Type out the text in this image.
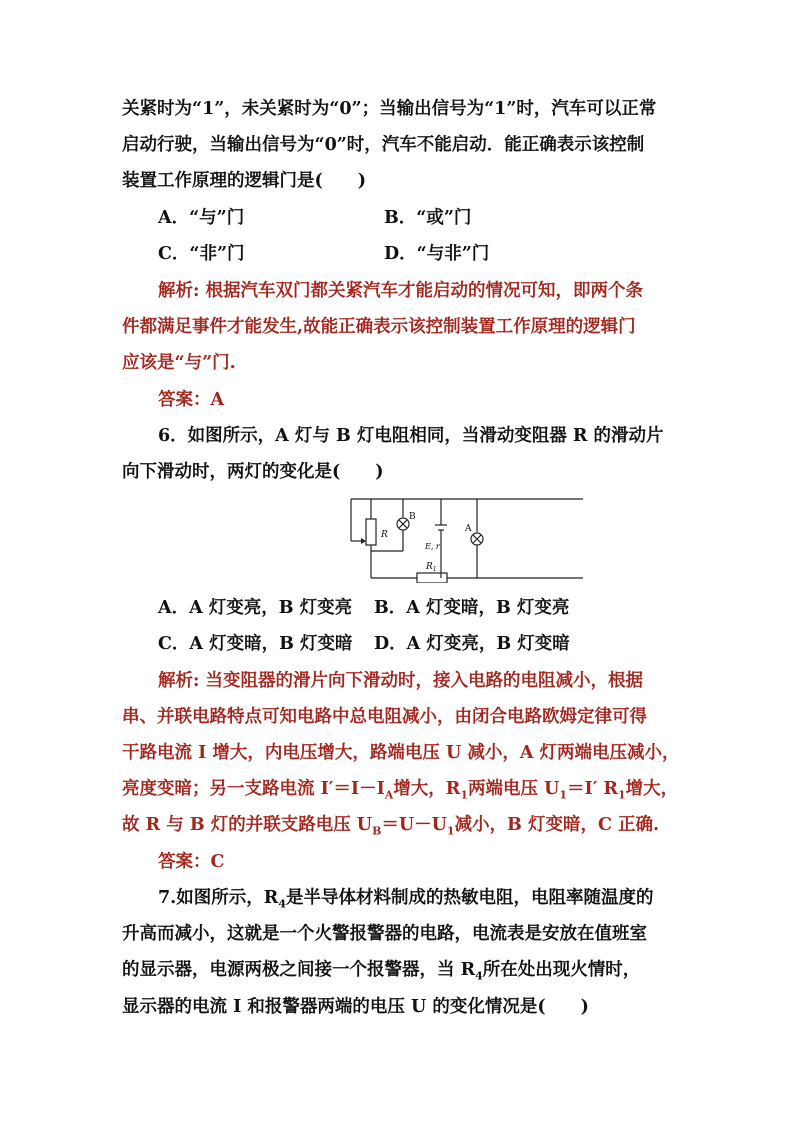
关紧时为“1”，未关紧时为“0”；当输出信号为“1”时，汽车可以正常
启动行驶，当输出信号为“0”时，汽车不能启动．能正确表示该控制
装置工作原理的逻辑门是(　　)
A．“与”门	B．“或”门
C．“非”门	D．“与非”门
解析: 根据汽车双门都关紧汽车才能启动的情况可知，即两个条
件都满足事件才能发生,故能正确表示该控制装置工作原理的逻辑门
应该是“与”门.
答案：A
6．如图所示，A 灯与 B 灯电阻相同，当滑动变阻器 R 的滑动片
向下滑动时，两灯的变化是(　　)
R
B
A
E, r
$R_1$
A．A 灯变亮，B 灯变亮 B．A 灯变暗，B 灯变亮
C．A 灯变暗，B 灯变暗 D．A 灯变亮，B 灯变暗
解析: 当变阻器的滑片向下滑动时，接入电路的电阻减小，根据
串、并联电路特点可知电路中总电阻减小，由闭合电路欧姆定律可得
干路电流 I 增大，内电压增大，路端电压 U 减小，A 灯两端电压减小，
亮度变暗；另一支路电流 $I'=I-I_A$增大，$R_1$两端电压 $U_1=I'$ $R_1$增大，
故 R 与 B 灯的并联支路电压 $U_B=U-U_1$减小，B 灯变暗，C 正确.
答案：C
7.如图所示，$R_4$是半导体材料制成的热敏电阻，电阻率随温度的
升高而减小，这就是一个火警报警器的电路，电流表是安放在值班室
的显示器，电源两极之间接一个报警器，当 $R_4$所在处出现火情时，
显示器的电流 I 和报警器两端的电压 U 的变化情况是(　　)
